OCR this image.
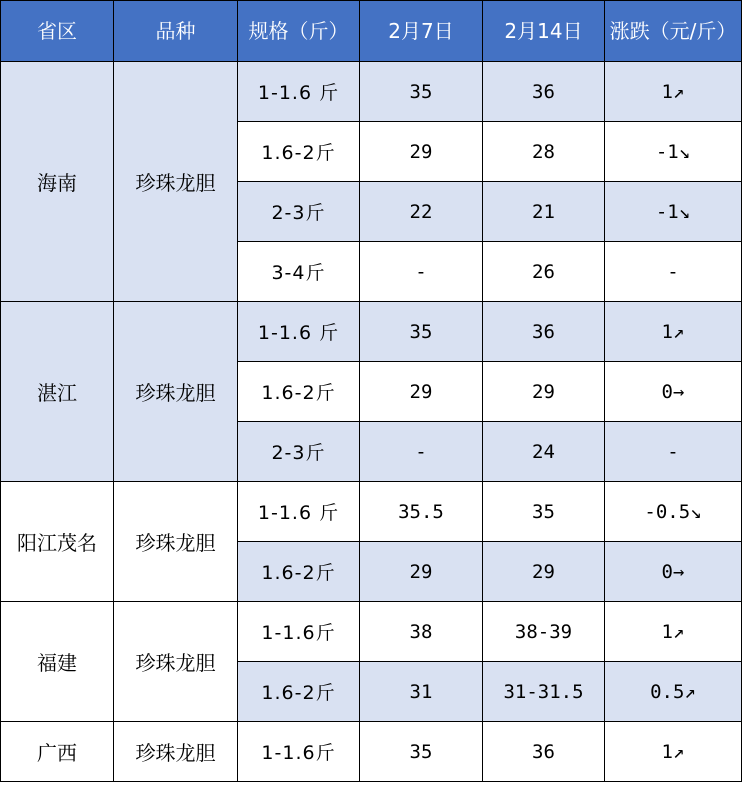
省区	品种	规格（斤）	2月7日	2月14日	涨跌（元/斤）
海南	珍珠龙胆	1-1.6 斤	35	36	1↗
		1.6-2斤	29	28	-1↘
		2-3斤	22	21	-1↘
		3-4斤	-	26	-
湛江	珍珠龙胆	1-1.6 斤	35	36	1↗
		1.6-2斤	29	29	0→
		2-3斤	-	24	-
阳江茂名	珍珠龙胆	1-1.6 斤	35.5	35	-0.5↘
		1.6-2斤	29	29	0→
福建	珍珠龙胆	1-1.6斤	38	38-39	1↗
		1.6-2斤	31	31-31.5	0.5↗
广西	珍珠龙胆	1-1.6斤	35	36	1↗
